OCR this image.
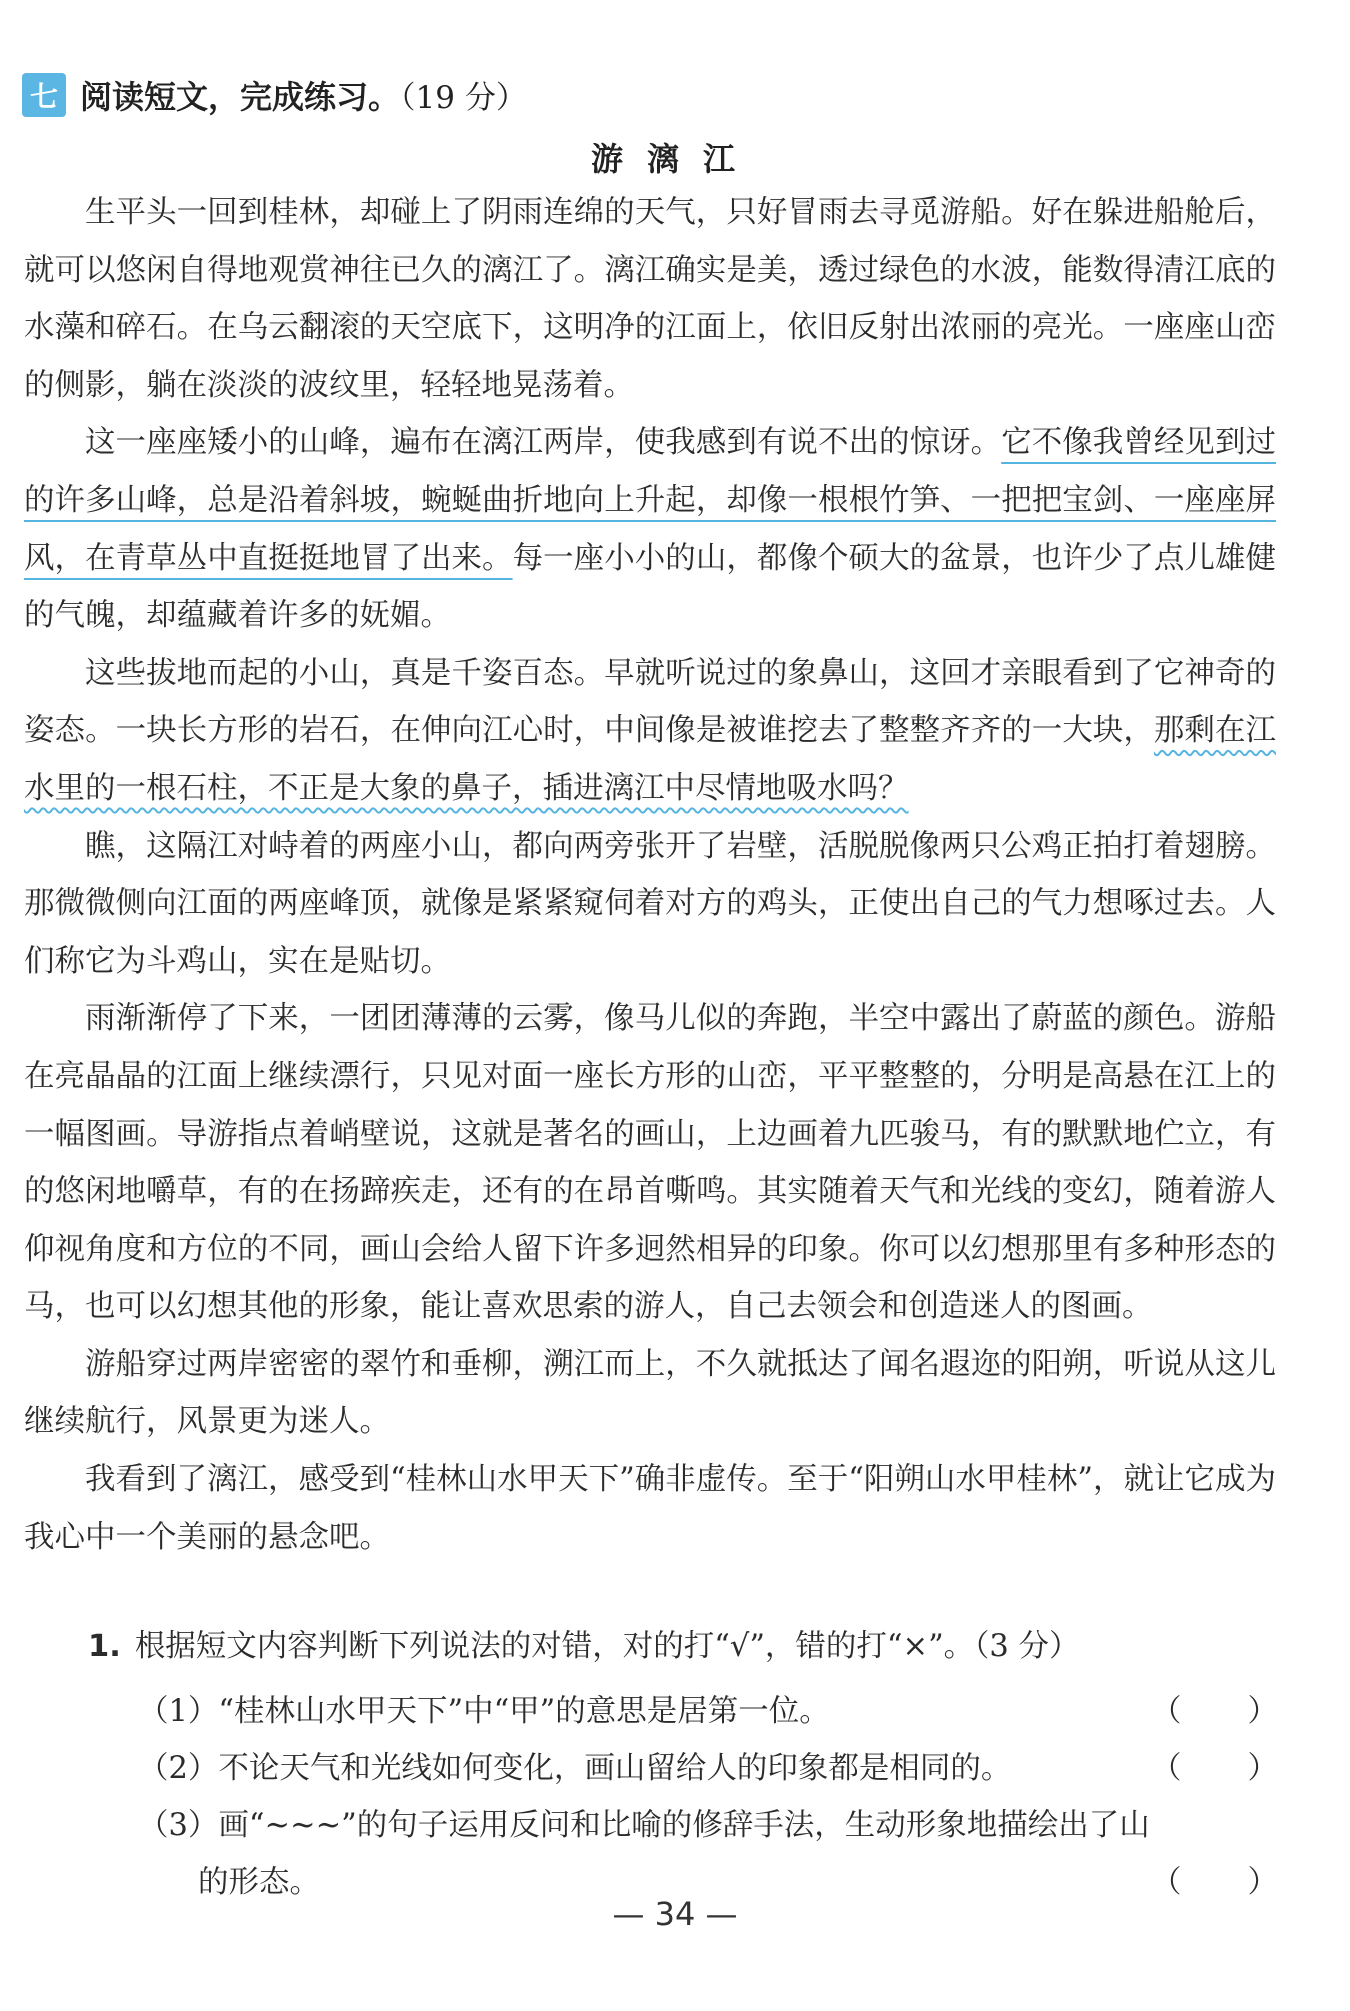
七 阅读短文，完成练习。（19 分）
游漓江

生平头一回到桂林，却碰上了阴雨连绵的天气，只好冒雨去寻觅游船。好在躲进船舱后，就可以悠闲自得地观赏神往已久的漓江了。漓江确实是美，透过绿色的水波，能数得清江底的水藻和碎石。在乌云翻滚的天空底下，这明净的江面上，依旧反射出浓丽的亮光。一座座山峦的侧影，躺在淡淡的波纹里，轻轻地晃荡着。

这一座座矮小的山峰，遍布在漓江两岸，使我感到有说不出的惊讶。它不像我曾经见到过的许多山峰，总是沿着斜坡，蜿蜒曲折地向上升起，却像一根根竹笋、一把把宝剑、一座座屏风，在青草丛中直挺挺地冒了出来。每一座小小的山，都像个硕大的盆景，也许少了点儿雄健的气魄，却蕴藏着许多的妩媚。

这些拔地而起的小山，真是千姿百态。早就听说过的象鼻山，这回才亲眼看到了它神奇的姿态。一块长方形的岩石，在伸向江心时，中间像是被谁挖去了整整齐齐的一大块，那剩在江水里的一根石柱，不正是大象的鼻子，插进漓江中尽情地吸水吗？

瞧，这隔江对峙着的两座小山，都向两旁张开了岩壁，活脱脱像两只公鸡正拍打着翅膀。那微微侧向江面的两座峰顶，就像是紧紧窥伺着对方的鸡头，正使出自己的气力想啄过去。人们称它为斗鸡山，实在是贴切。

雨渐渐停了下来，一团团薄薄的云雾，像马儿似的奔跑，半空中露出了蔚蓝的颜色。游船在亮晶晶的江面上继续漂行，只见对面一座长方形的山峦，平平整整的，分明是高悬在江上的一幅图画。导游指点着峭壁说，这就是著名的画山，上边画着九匹骏马，有的默默地伫立，有的悠闲地嚼草，有的在扬蹄疾走，还有的在昂首嘶鸣。其实随着天气和光线的变幻，随着游人仰视角度和方位的不同，画山会给人留下许多迥然相异的印象。你可以幻想那里有多种形态的马，也可以幻想其他的形象，能让喜欢思索的游人，自己去领会和创造迷人的图画。

游船穿过两岸密密的翠竹和垂柳，溯江而上，不久就抵达了闻名遐迩的阳朔，听说从这儿继续航行，风景更为迷人。

我看到了漓江，感受到“桂林山水甲天下”确非虚传。至于“阳朔山水甲桂林”，就让它成为我心中一个美丽的悬念吧。

1. 根据短文内容判断下列说法的对错，对的打“√”，错的打“×”。（3 分）
（1）“桂林山水甲天下”中“甲”的意思是居第一位。	（ ）
（2）不论天气和光线如何变化，画山留给人的印象都是相同的。	（ ）
（3）画“~~~”的句子运用反问和比喻的修辞手法，生动形象地描绘出了山
的形态。	（ ）
— 34 —
